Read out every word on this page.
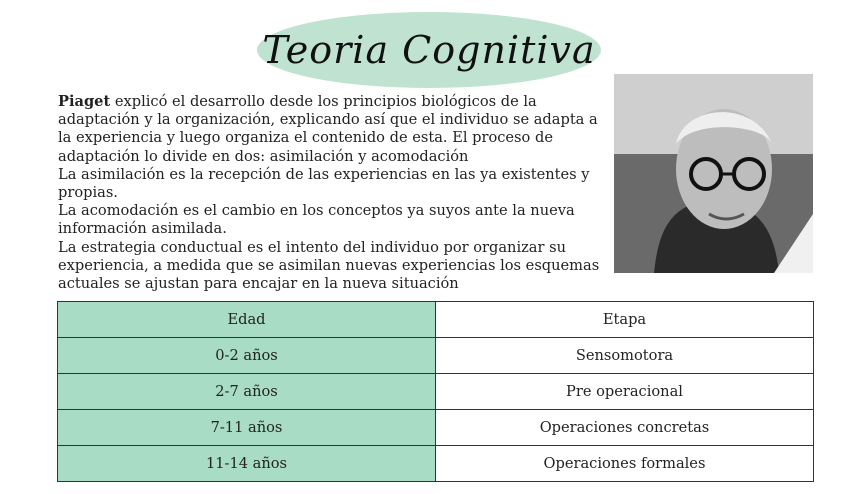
Teoria Cognitiva

Piaget explicó el desarrollo desde los principios biológicos de la adaptación y la organización, explicando así que el individuo se adapta a la experiencia y luego organiza el contenido de esta. El proceso de adaptación lo divide en dos: asimilación y acomodación

La asimilación es la recepción de las experiencias en las ya existentes y propias.

La acomodación es el cambio en los conceptos ya suyos ante la nueva información asimilada.

La estrategia conductual es el intento del individuo por organizar su experiencia, a medida que se asimilan nuevas experiencias los esquemas actuales se ajustan para encajar en la nueva situación

Edad	Etapa
0-2 años	Sensomotora
2-7 años	Pre operacional
7-11 años	Operaciones concretas
11-14 años	Operaciones formales
